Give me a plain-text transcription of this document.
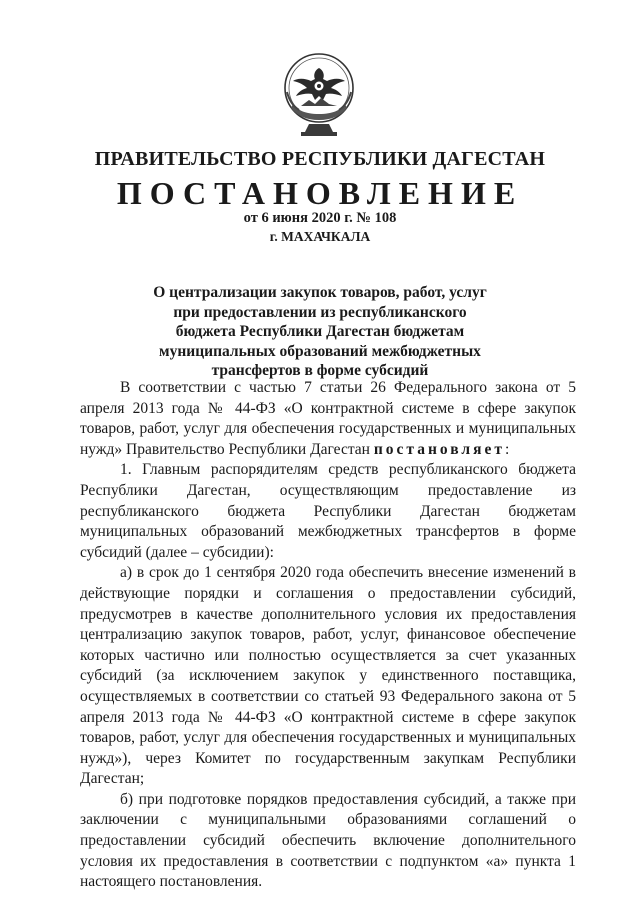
ПРАВИТЕЛЬСТВО РЕСПУБЛИКИ ДАГЕСТАН
ПОСТАНОВЛЕНИЕ
от 6 июня 2020 г. № 108
г. МАХАЧКАЛА
О централизации закупок товаров, работ, услуг
при предоставлении из республиканского
бюджета Республики Дагестан бюджетам
муниципальных образований межбюджетных
трансфертов в форме субсидий

В соответствии с частью 7 статьи 26 Федерального закона от 5 апреля 2013 года № 44-ФЗ «О контрактной системе в сфере закупок товаров, работ, услуг для обеспечения государственных и муниципальных нужд» Правительство Республики Дагестан постановляет:

1. Главным распорядителям средств республиканского бюджета Республики Дагестан, осуществляющим предоставление из республиканского бюджета Республики Дагестан бюджетам муниципальных образований межбюджетных трансфертов в форме субсидий (далее – субсидии):

а) в срок до 1 сентября 2020 года обеспечить внесение изменений в действующие порядки и соглашения о предоставлении субсидий, предусмотрев в качестве дополнительного условия их предоставления централизацию закупок товаров, работ, услуг, финансовое обеспечение которых частично или полностью осуществляется за счет указанных субсидий (за исключением закупок у единственного поставщика, осуществляемых в соответствии со статьей 93 Федерального закона от 5 апреля 2013 года № 44-ФЗ «О контрактной системе в сфере закупок товаров, работ, услуг для обеспечения государственных и муниципальных нужд»), через Комитет по государственным закупкам Республики Дагестан;

б) при подготовке порядков предоставления субсидий, а также при заключении с муниципальными образованиями соглашений о предоставлении субсидий обеспечить включение дополнительного условия их предоставления в соответствии с подпунктом «а» пункта 1 настоящего постановления.
